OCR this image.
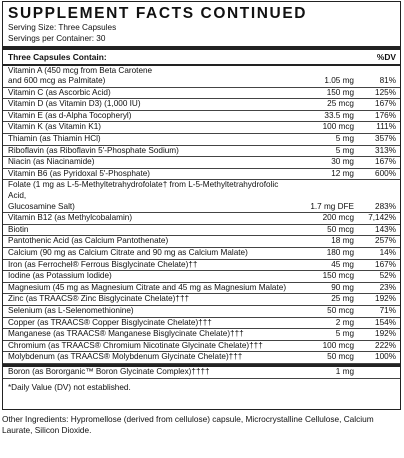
SUPPLEMENT FACTS CONTINUED
Serving Size: Three Capsules
Servings per Container: 30
Three Capsules Contain:	%DV
Vitamin A (450 mcg from Beta Carotene
and 600 mcg as Palmitate)	1.05 mg	81%
Vitamin C (as Ascorbic Acid)	150 mg	125%
Vitamin D (as Vitamin D3) (1,000 IU)	25 mcg	167%
Vitamin E (as d-Alpha Tocopheryl)	33.5 mg	176%
Vitamin K (as Vitamin K1)	100 mcg	111%
Thiamin (as Thiamin HCl)	5 mg	357%
Riboflavin (as Riboflavin 5'-Phosphate Sodium)	5 mg	313%
Niacin (as Niacinamide)	30 mg	167%
Vitamin B6 (as Pyridoxal 5'-Phosphate)	12 mg	600%
Folate (1 mg as L-5-Methyltetrahydrofolate† from L-5-Methyltetrahydrofolic Acid,
Glucosamine Salt)	1.7 mg DFE	283%
Vitamin B12 (as Methylcobalamin)	200 mcg	7,142%
Biotin	50 mcg	143%
Pantothenic Acid (as Calcium Pantothenate)	18 mg	257%
Calcium (90 mg as Calcium Citrate and 90 mg as Calcium Malate)	180 mg	14%
Iron (as Ferrochel® Ferrous Bisglycinate Chelate)††	45 mg	167%
Iodine (as Potassium Iodide)	150 mcg	52%
Magnesium (45 mg as Magnesium Citrate and 45 mg as Magnesium Malate)	90 mg	23%
Zinc (as TRAACS® Zinc Bisglycinate Chelate)†††	25 mg	192%
Selenium (as L-Selenomethionine)	50 mcg	71%
Copper (as TRAACS® Copper Bisglycinate Chelate)†††	2 mg	154%
Manganese (as TRAACS® Manganese Bisglycinate Chelate)†††	5 mg	192%
Chromium (as TRAACS® Chromium Nicotinate Glycinate Chelate)†††	100 mcg	222%
Molybdenum (as TRAACS® Molybdenum Glycinate Chelate)†††	50 mcg	100%
Boron (as Bororganic™ Boron Glycinate Complex)††††	1 mg	
*Daily Value (DV) not established.
Other Ingredients: Hypromellose (derived from cellulose) capsule, Microcrystalline Cellulose, Calcium Laurate, Silicon Dioxide.
